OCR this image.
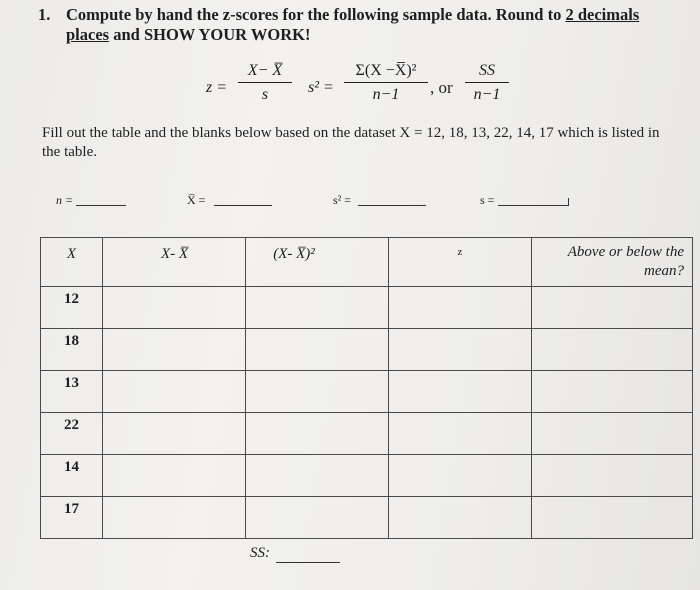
1. Compute by hand the z-scores for the following sample data. Round to 2 decimals
places and SHOW YOUR WORK!
z =
X− X̅
s	s² =
Σ(X −X̅)²
n−1	, or
SS
n−1
Fill out the table and the blanks below based on the dataset X = 12, 18, 13, 22, 14, 17 which is listed in the table.
n =	X̅ =	s² =	s =
X	X- X̅	(X- X̅)²	z	Above or below the mean?
12				
18				
13				
22				
14				
17				
SS:
